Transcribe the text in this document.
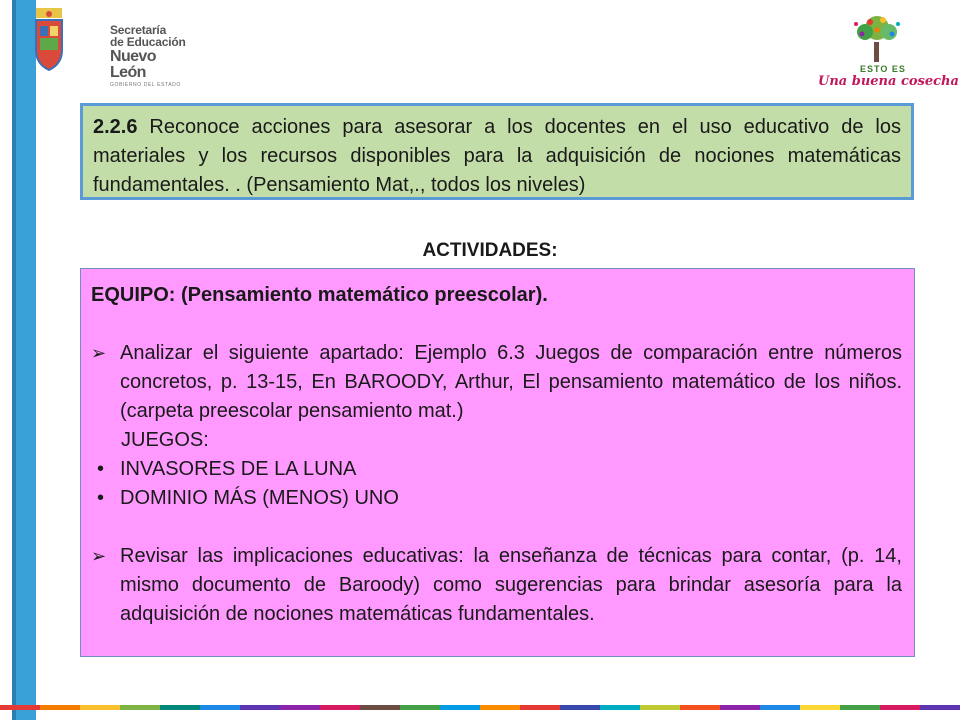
Secretaría
de Educación
Nuevo León
GOBIERNO DEL ESTADO
ESTO ES
Una buena cosecha
2.2.6 Reconoce acciones para asesorar a los docentes en el uso educativo de los materiales y los recursos disponibles para la adquisición de nociones matemáticas fundamentales. . (Pensamiento Mat,., todos los niveles)
ACTIVIDADES:
EQUIPO: (Pensamiento matemático preescolar).
➢ Analizar el siguiente apartado: Ejemplo 6.3 Juegos de comparación entre números concretos, p. 13-15, En BAROODY, Arthur, El pensamiento matemático de los niños. (carpeta preescolar pensamiento mat.)
JUEGOS:
• INVASORES DE LA LUNA
• DOMINIO MÁS (MENOS) UNO
➢ Revisar las implicaciones educativas: la enseñanza de técnicas para contar, (p. 14, mismo documento de Baroody) como sugerencias para brindar asesoría para la adquisición de nociones matemáticas fundamentales.
